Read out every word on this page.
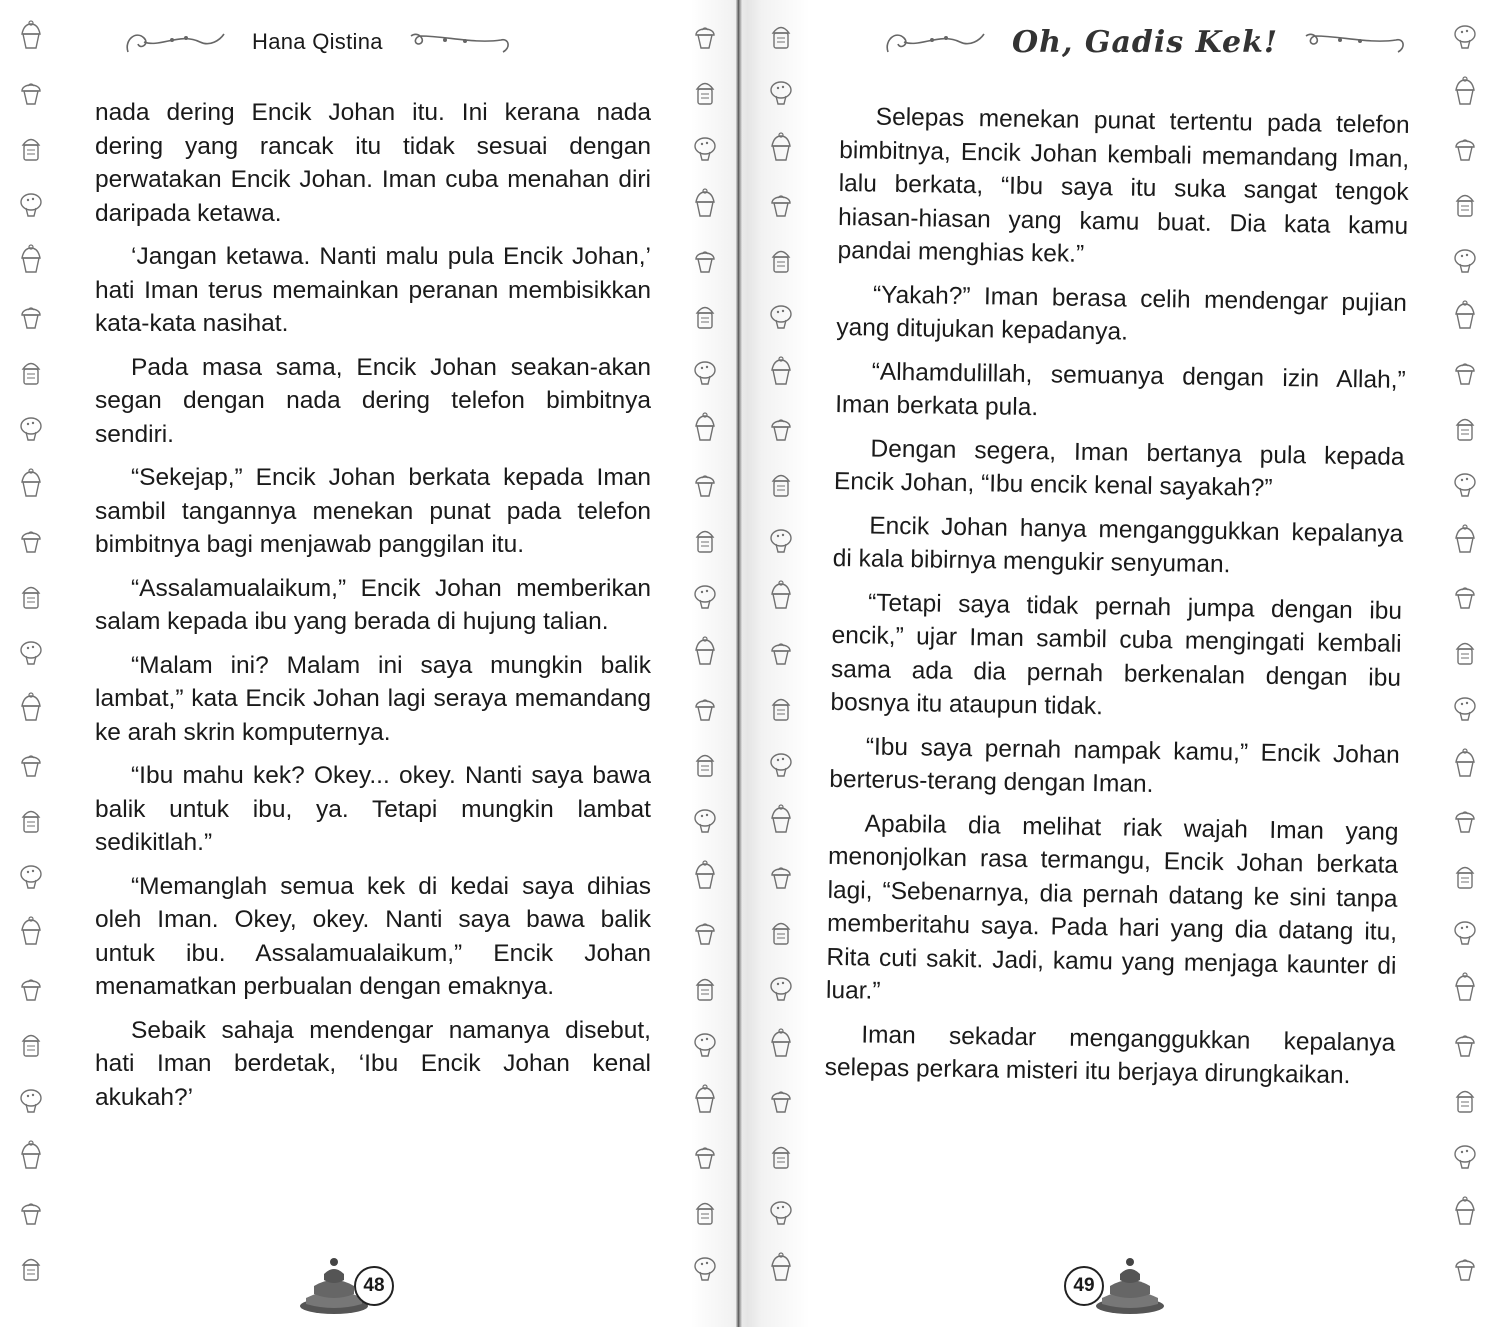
Hana Qistina

nada dering Encik Johan itu. Ini kerana nada dering yang rancak itu tidak sesuai dengan perwatakan Encik Johan. Iman cuba menahan diri daripada ketawa.

‘Jangan ketawa. Nanti malu pula Encik Johan,’ hati Iman terus memainkan peranan membisikkan kata-kata nasihat.

Pada masa sama, Encik Johan seakan-akan segan dengan nada dering telefon bimbitnya sendiri.

“Sekejap,” Encik Johan berkata kepada Iman sambil tangannya menekan punat pada telefon bimbitnya bagi menjawab panggilan itu.

“Assalamualaikum,” Encik Johan memberikan salam kepada ibu yang berada di hujung talian.

“Malam ini? Malam ini saya mungkin balik lambat,” kata Encik Johan lagi seraya memandang ke arah skrin komputernya.

“Ibu mahu kek? Okey... okey. Nanti saya bawa balik untuk ibu, ya. Tetapi mungkin lambat sedikitlah.”

“Memanglah semua kek di kedai saya dihias oleh Iman. Okey, okey. Nanti saya bawa balik untuk ibu. Assalamualaikum,” Encik Johan menamatkan perbualan dengan emaknya.

Sebaik sahaja mendengar namanya disebut, hati Iman berdetak, ‘Ibu Encik Johan kenal akukah?’

48
Oh, Gadis Kek!

Selepas menekan punat tertentu pada telefon bimbitnya, Encik Johan kembali memandang Iman, lalu berkata, “Ibu saya itu suka sangat tengok hiasan-hiasan yang kamu buat. Dia kata kamu pandai menghias kek.”

“Yakah?” Iman berasa celih mendengar pujian yang ditujukan kepadanya.

“Alhamdulillah, semuanya dengan izin Allah,” Iman berkata pula.

Dengan segera, Iman bertanya pula kepada Encik Johan, “Ibu encik kenal sayakah?”

Encik Johan hanya menganggukkan kepalanya di kala bibirnya mengukir senyuman.

“Tetapi saya tidak pernah jumpa dengan ibu encik,” ujar Iman sambil cuba mengingati kembali sama ada dia pernah berkenalan dengan ibu bosnya itu ataupun tidak.

“Ibu saya pernah nampak kamu,” Encik Johan berterus-terang dengan Iman.

Apabila dia melihat riak wajah Iman yang menonjolkan rasa termangu, Encik Johan berkata lagi, “Sebenarnya, dia pernah datang ke sini tanpa memberitahu saya. Pada hari yang dia datang itu, Rita cuti sakit. Jadi, kamu yang menjaga kaunter di luar.”

Iman sekadar menganggukkan kepalanya selepas perkara misteri itu berjaya dirungkaikan.

49
